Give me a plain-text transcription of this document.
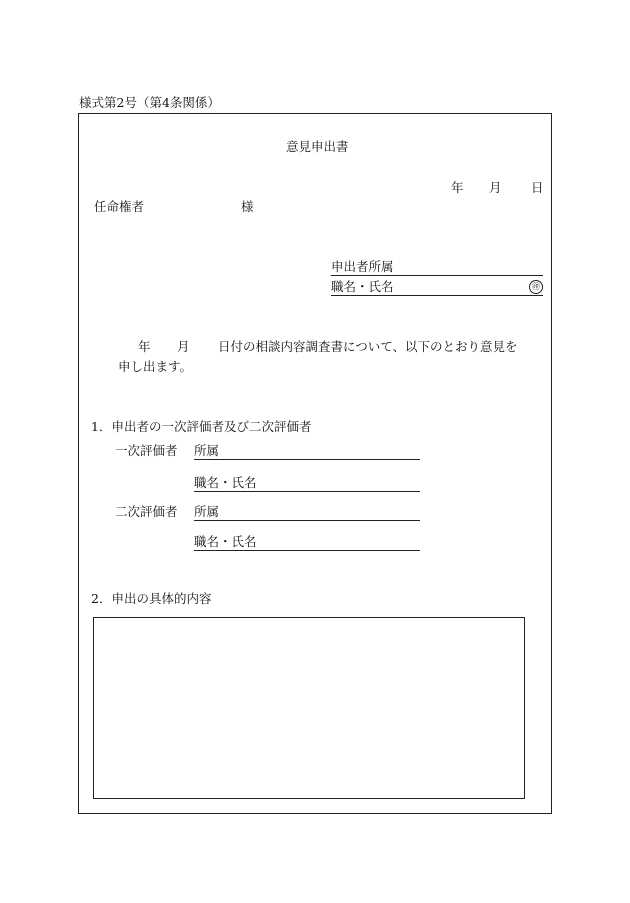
様式第2号（第4条関係）
意見申出書
年 月 日
任命権者	様
申出者所属
職名・氏名	㊞
年 月 日付の相談内容調査書について、以下のとおり意見を
申し出ます。
1．申出者の一次評価者及び二次評価者
一次評価者 所属
職名・氏名
二次評価者 所属
職名・氏名
2．申出の具体的内容
